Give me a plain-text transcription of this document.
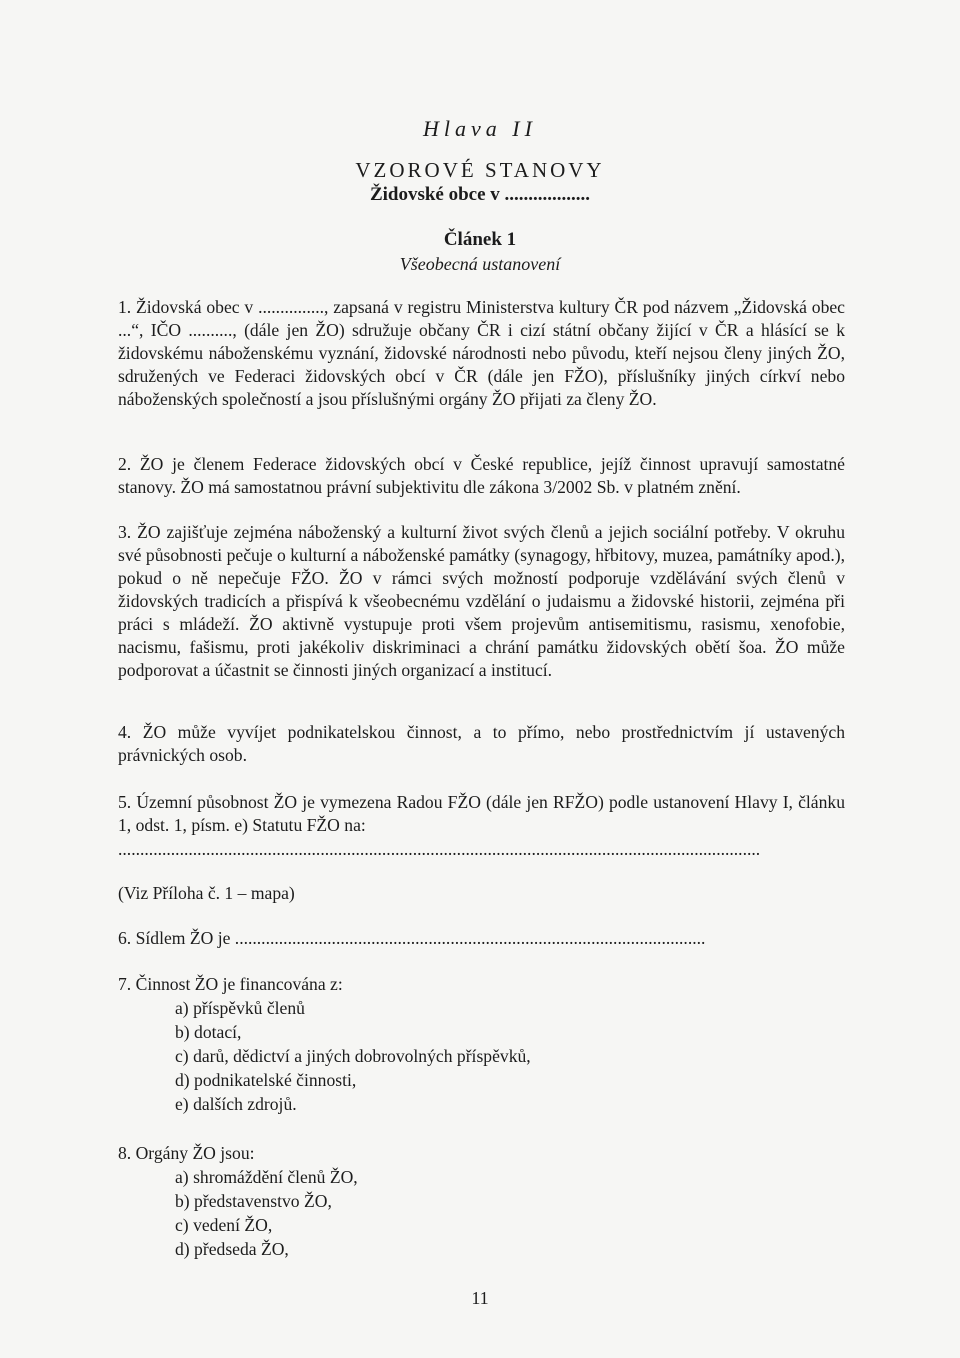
Hlava II
VZOROVÉ STANOVY
Židovské obce v ..................
Článek 1
Všeobecná ustanovení

1. Židovská obec v ..............., zapsaná v registru Ministerstva kultury ČR pod názvem „Židovská obec ...“, IČO .........., (dále jen ŽO) sdružuje občany ČR i cizí státní občany žijící v ČR a hlásící se k židovskému náboženskému vyznání, židovské národnosti nebo původu, kteří nejsou členy jiných ŽO, sdružených ve Federaci židovských obcí v ČR (dále jen FŽO), příslušníky jiných církví nebo náboženských společností a jsou příslušnými orgány ŽO přijati za členy ŽO.

2. ŽO je členem Federace židovských obcí v České republice, jejíž činnost upravují samostatné stanovy. ŽO má samostatnou právní subjektivitu dle zákona 3/2002 Sb. v platném znění.

3. ŽO zajišťuje zejména náboženský a kulturní život svých členů a jejich sociální potřeby. V okruhu své působnosti pečuje o kulturní a náboženské památky (synagogy, hřbitovy, muzea, památníky apod.), pokud o ně nepečuje FŽO. ŽO v rámci svých možností podporuje vzdělávání svých členů v židovských tradicích a přispívá k všeobecnému vzdělání o judaismu a židovské historii, zejména při práci s mládeží. ŽO aktivně vystupuje proti všem projevům antisemitismu, rasismu, xenofobie, nacismu, fašismu, proti jakékoliv diskriminaci a chrání památku židovských obětí šoa. ŽO může podporovat a účastnit se činnosti jiných organizací a institucí.

4. ŽO může vyvíjet podnikatelskou činnost, a to přímo, nebo prostřednictvím jí ustavených právnických osob.

5. Územní působnost ŽO je vymezena Radou FŽO (dále jen RFŽO) podle ustanovení Hlavy I, článku 1, odst. 1, písm. e) Statutu FŽO na:

..................................................................................................................................................

(Viz Příloha č. 1 – mapa)

6. Sídlem ŽO je ...........................................................................................................

7. Činnost ŽO je financována z:

a) příspěvků členů

b) dotací,

c) darů, dědictví a jiných dobrovolných příspěvků,

d) podnikatelské činnosti,

e) dalších zdrojů.

8. Orgány ŽO jsou:

a) shromáždění členů ŽO,

b) představenstvo ŽO,

c) vedení ŽO,

d) předseda ŽO,

11
